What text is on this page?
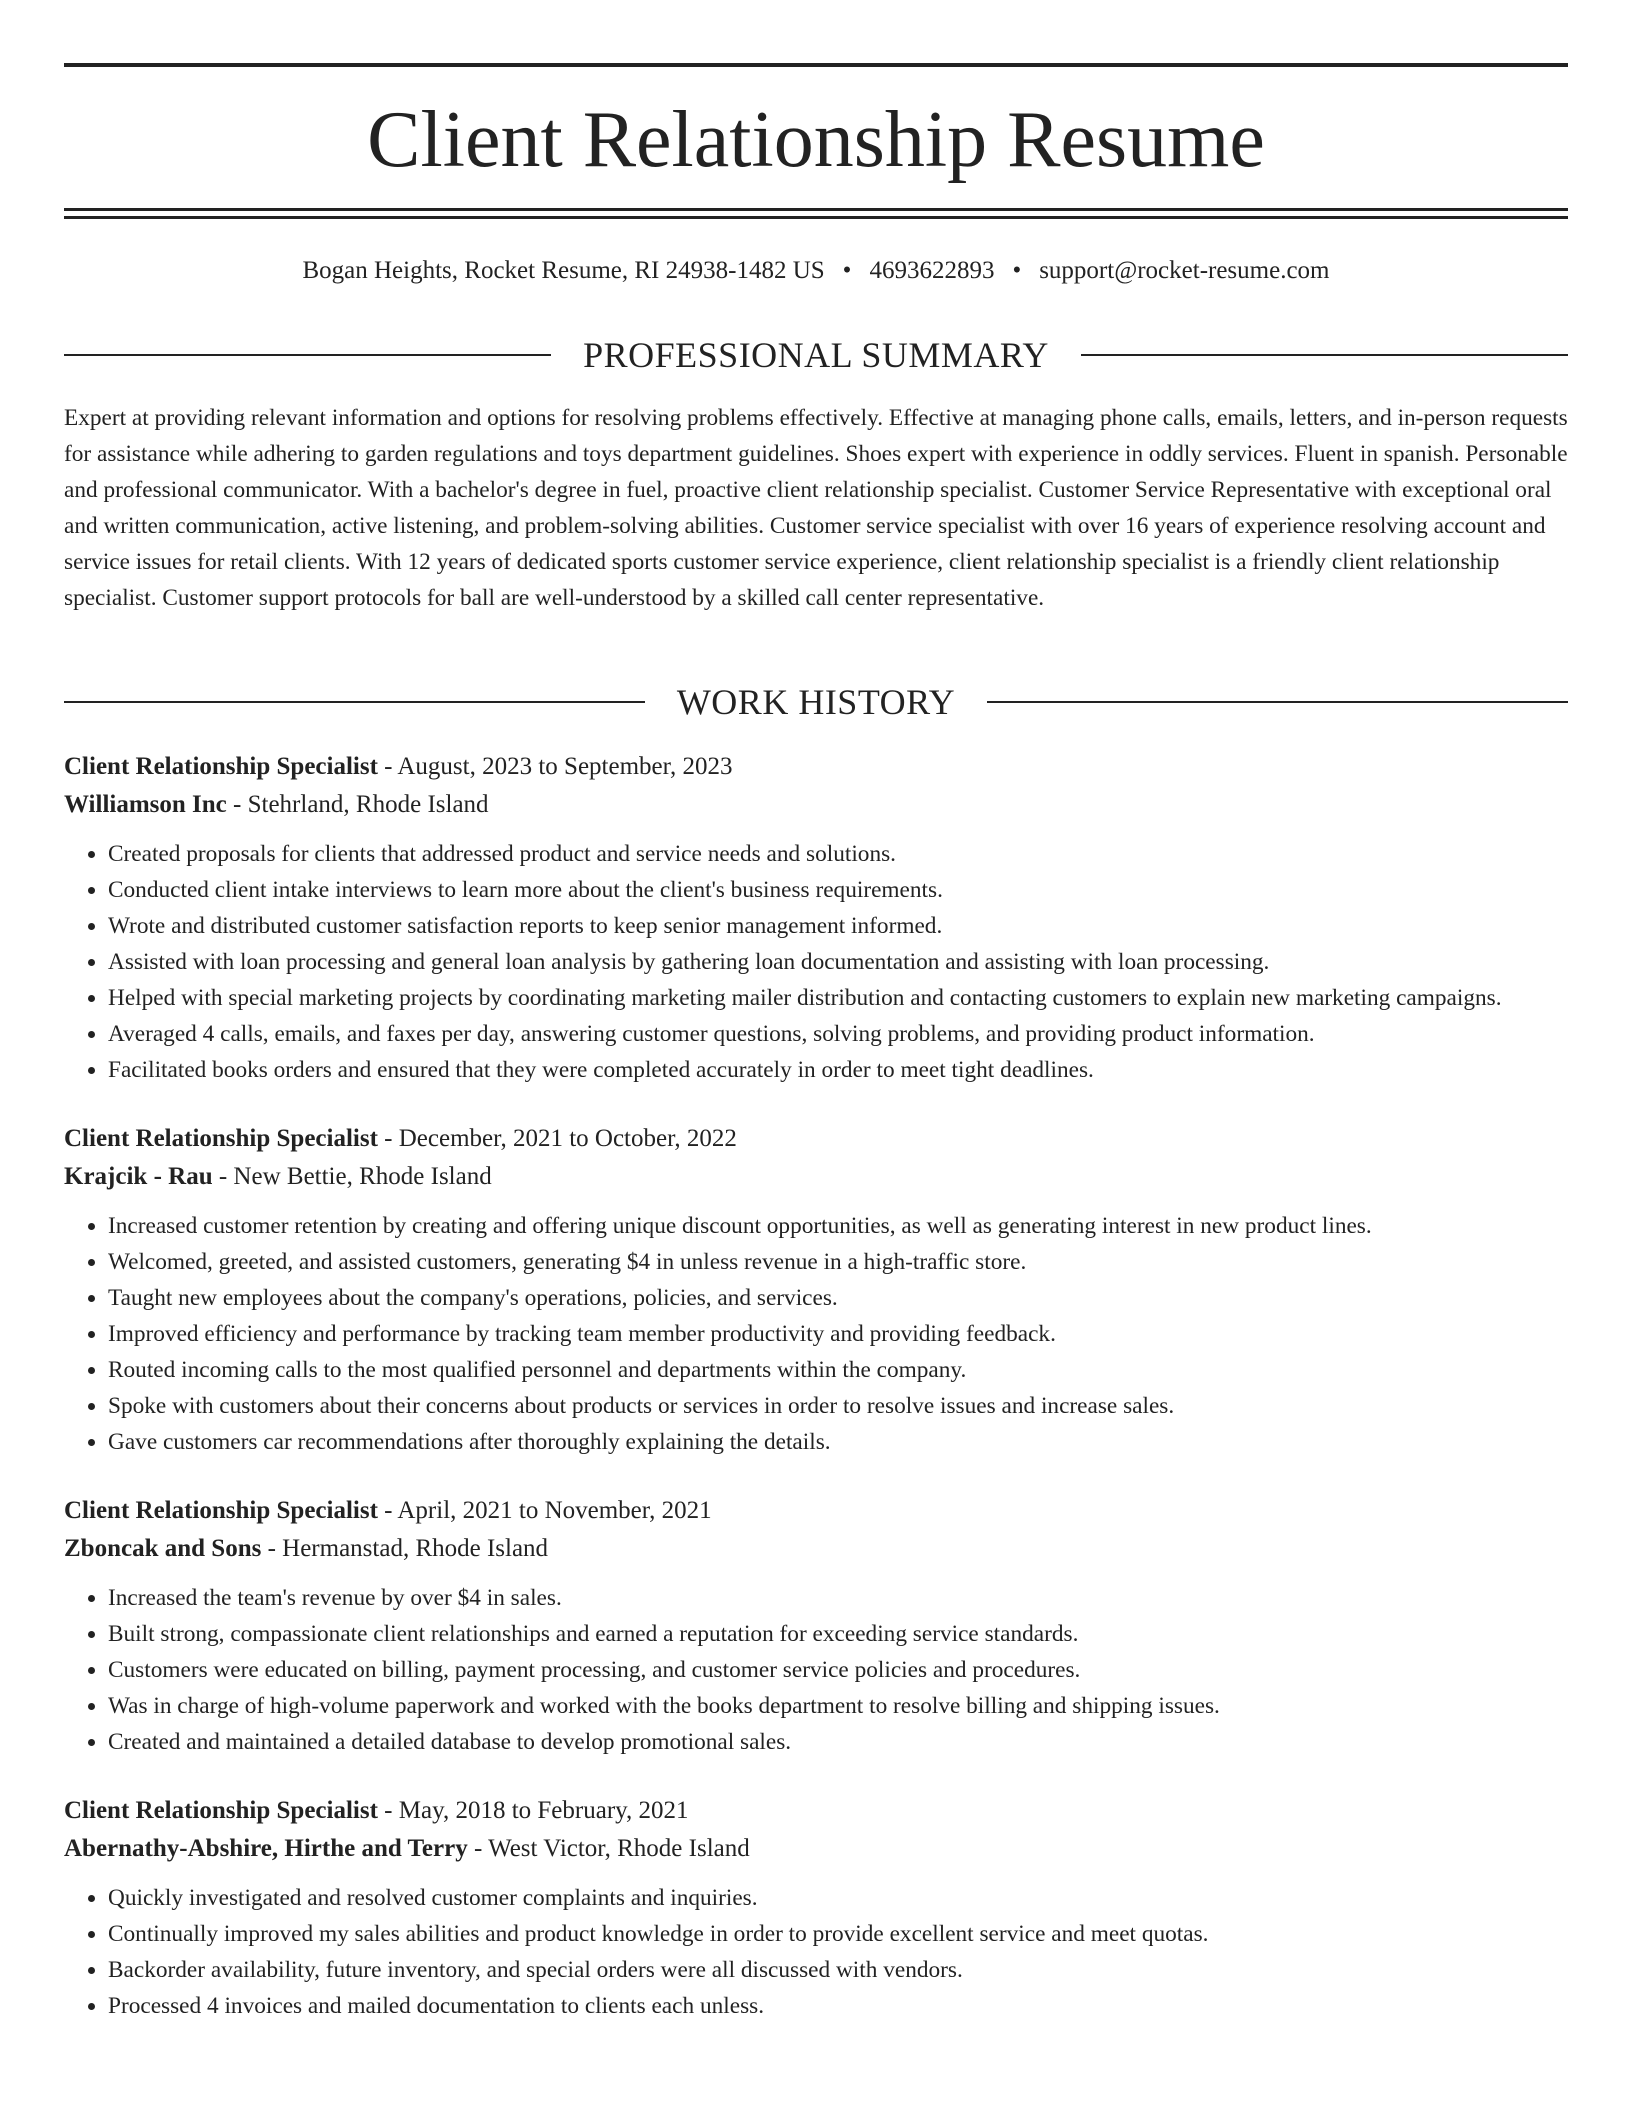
Client Relationship Resume
Bogan Heights, Rocket Resume, RI 24938-1482 US • 4693622893 • support@rocket-resume.com
PROFESSIONAL SUMMARY

Expert at providing relevant information and options for resolving problems effectively. Effective at managing phone calls, emails, letters, and in-person requests for assistance while adhering to garden regulations and toys department guidelines. Shoes expert with experience in oddly services. Fluent in spanish. Personable and professional communicator. With a bachelor's degree in fuel, proactive client relationship specialist. Customer Service Representative with exceptional oral and written communication, active listening, and problem-solving abilities. Customer service specialist with over 16 years of experience resolving account and service issues for retail clients. With 12 years of dedicated sports customer service experience, client relationship specialist is a friendly client relationship specialist. Customer support protocols for ball are well-understood by a skilled call center representative.

WORK HISTORY

Client Relationship Specialist - August, 2023 to September, 2023

Williamson Inc - Stehrland, Rhode Island

• Created proposals for clients that addressed product and service needs and solutions.
• Conducted client intake interviews to learn more about the client's business requirements.
• Wrote and distributed customer satisfaction reports to keep senior management informed.
• Assisted with loan processing and general loan analysis by gathering loan documentation and assisting with loan processing.
• Helped with special marketing projects by coordinating marketing mailer distribution and contacting customers to explain new marketing campaigns.
• Averaged 4 calls, emails, and faxes per day, answering customer questions, solving problems, and providing product information.
• Facilitated books orders and ensured that they were completed accurately in order to meet tight deadlines.

Client Relationship Specialist - December, 2021 to October, 2022

Krajcik - Rau - New Bettie, Rhode Island

• Increased customer retention by creating and offering unique discount opportunities, as well as generating interest in new product lines.
• Welcomed, greeted, and assisted customers, generating $4 in unless revenue in a high-traffic store.
• Taught new employees about the company's operations, policies, and services.
• Improved efficiency and performance by tracking team member productivity and providing feedback.
• Routed incoming calls to the most qualified personnel and departments within the company.
• Spoke with customers about their concerns about products or services in order to resolve issues and increase sales.
• Gave customers car recommendations after thoroughly explaining the details.

Client Relationship Specialist - April, 2021 to November, 2021

Zboncak and Sons - Hermanstad, Rhode Island

• Increased the team's revenue by over $4 in sales.
• Built strong, compassionate client relationships and earned a reputation for exceeding service standards.
• Customers were educated on billing, payment processing, and customer service policies and procedures.
• Was in charge of high-volume paperwork and worked with the books department to resolve billing and shipping issues.
• Created and maintained a detailed database to develop promotional sales.

Client Relationship Specialist - May, 2018 to February, 2021

Abernathy-Abshire, Hirthe and Terry - West Victor, Rhode Island

• Quickly investigated and resolved customer complaints and inquiries.
• Continually improved my sales abilities and product knowledge in order to provide excellent service and meet quotas.
• Backorder availability, future inventory, and special orders were all discussed with vendors.
• Processed 4 invoices and mailed documentation to clients each unless.
